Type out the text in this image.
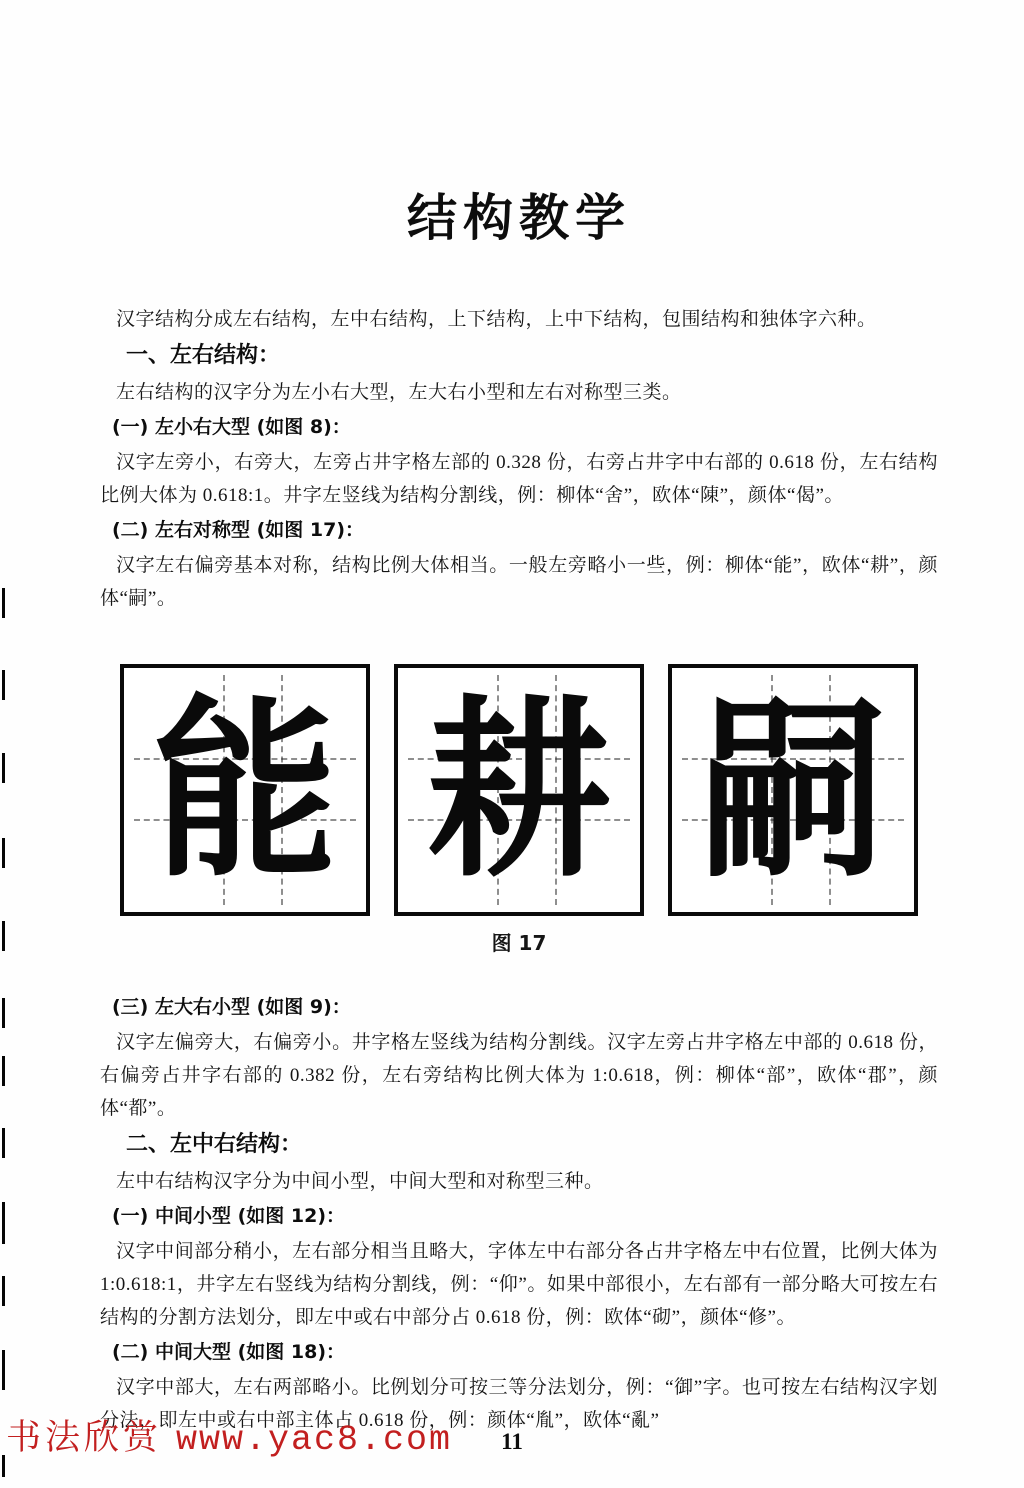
结构教学

汉字结构分成左右结构，左中右结构，上下结构，上中下结构，包围结构和独体字六种。

一、左右结构：

左右结构的汉字分为左小右大型，左大右小型和左右对称型三类。

(一) 左小右大型 (如图 8)：

汉字左旁小，右旁大，左旁占井字格左部的 0.328 份，右旁占井字中右部的 0.618 份，左右结构比例大体为 0.618:1。井字左竖线为结构分割线，例：柳体“舍”，欧体“陳”，颜体“偈”。

(二) 左右对称型 (如图 17)：

汉字左右偏旁基本对称，结构比例大体相当。一般左旁略小一些，例：柳体“能”，欧体“耕”，颜体“嗣”。

能 耕 嗣

图 17

(三) 左大右小型 (如图 9)：

汉字左偏旁大，右偏旁小。井字格左竖线为结构分割线。汉字左旁占井字格左中部的 0.618 份，右偏旁占井字右部的 0.382 份，左右旁结构比例大体为 1:0.618，例：柳体“部”，欧体“郡”，颜体“都”。

二、左中右结构：

左中右结构汉字分为中间小型，中间大型和对称型三种。

(一) 中间小型 (如图 12)：

汉字中间部分稍小，左右部分相当且略大，字体左中右部分各占井字格左中右位置，比例大体为 1:0.618:1，井字左右竖线为结构分割线，例：“仰”。如果中部很小，左右部有一部分略大可按左右结构的分割方法划分，即左中或右中部分占 0.618 份，例：欧体“砌”，颜体“修”。

(二) 中间大型 (如图 18)：

汉字中部大，左右两部略小。比例划分可按三等分法划分，例：“御”字。也可按左右结构汉字划分法，即左中或右中部主体占 0.618 份，例：颜体“胤”，欧体“亂”

书法欣赏 www.yac8.com	11
